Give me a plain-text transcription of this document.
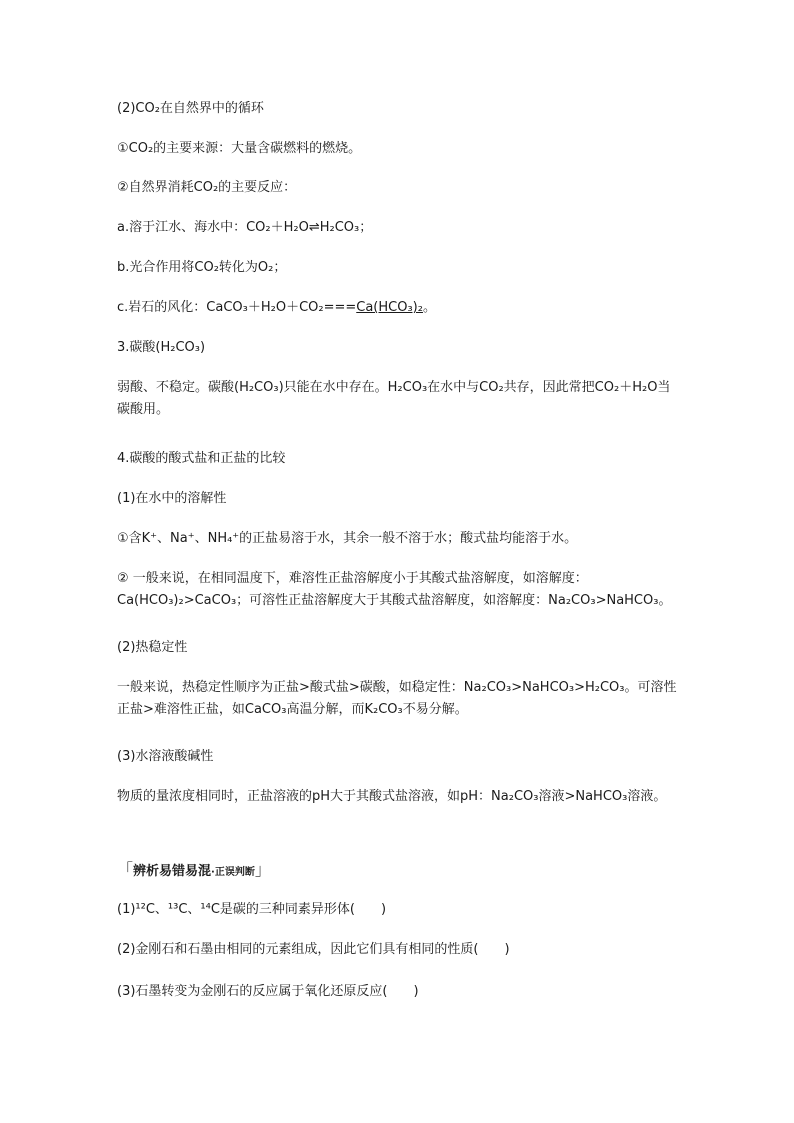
(2)CO₂在自然界中的循环
①CO₂的主要来源：大量含碳燃料的燃烧。
②自然界消耗CO₂的主要反应：
a.溶于江水、海水中：CO₂＋H₂O⇌H₂CO₃；
b.光合作用将CO₂转化为O₂；
c.岩石的风化：CaCO₃＋H₂O＋CO₂===Ca(HCO₃)₂。
3.碳酸(H₂CO₃)
弱酸、不稳定。碳酸(H₂CO₃)只能在水中存在。H₂CO₃在水中与CO₂共存，因此常把CO₂＋H₂O当碳酸用。
4.碳酸的酸式盐和正盐的比较
(1)在水中的溶解性
①含K⁺、Na⁺、NH₄⁺的正盐易溶于水，其余一般不溶于水；酸式盐均能溶于水。
② 一般来说，在相同温度下，难溶性正盐溶解度小于其酸式盐溶解度，如溶解度：Ca(HCO₃)₂>CaCO₃；可溶性正盐溶解度大于其酸式盐溶解度，如溶解度：Na₂CO₃>NaHCO₃。
(2)热稳定性
一般来说，热稳定性顺序为正盐>酸式盐>碳酸，如稳定性：Na₂CO₃>NaHCO₃>H₂CO₃。可溶性正盐>难溶性正盐，如CaCO₃高温分解，而K₂CO₃不易分解。
(3)水溶液酸碱性
物质的量浓度相同时，正盐溶液的pH大于其酸式盐溶液，如pH：Na₂CO₃溶液>NaHCO₃溶液。
「辨析易错易混·正误判断」
(1)¹²C、¹³C、¹⁴C是碳的三种同素异形体(　　)
(2)金刚石和石墨由相同的元素组成，因此它们具有相同的性质(　　)
(3)石墨转变为金刚石的反应属于氧化还原反应(　　)
